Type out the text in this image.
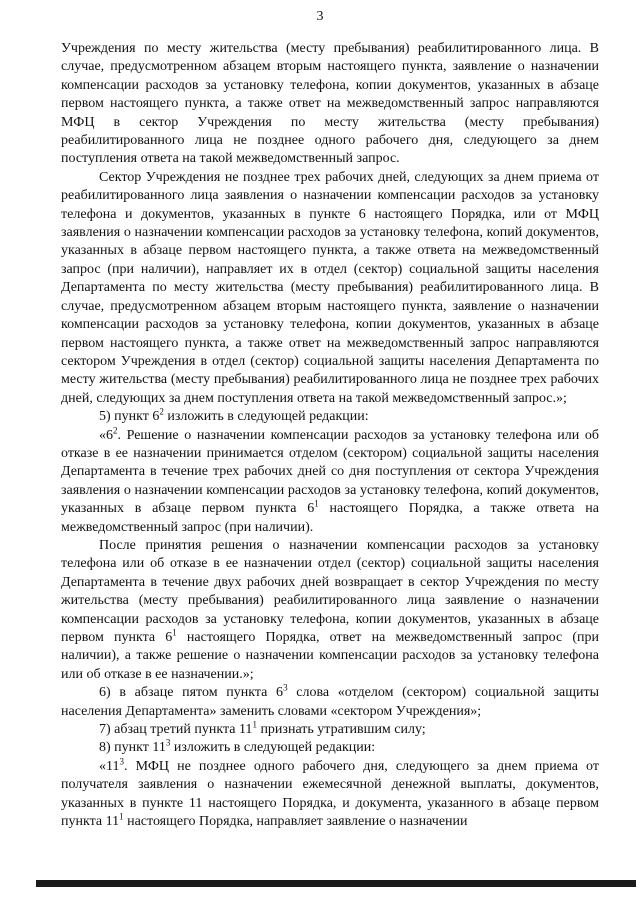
3

Учреждения по месту жительства (месту пребывания) реабилитированного лица. В случае, предусмотренном абзацем вторым настоящего пункта, заявление о назначении компенсации расходов за установку телефона, копии документов, указанных в абзаце первом настоящего пункта, а также ответ на межведомственный запрос направляются МФЦ в сектор Учреждения по месту жительства (месту пребывания) реабилитированного лица не позднее одного рабочего дня, следующего за днем поступления ответа на такой межведомственный запрос.

Сектор Учреждения не позднее трех рабочих дней, следующих за днем приема от реабилитированного лица заявления о назначении компенсации расходов за установку телефона и документов, указанных в пункте 6 настоящего Порядка, или от МФЦ заявления о назначении компенсации расходов за установку телефона, копий документов, указанных в абзаце первом настоящего пункта, а также ответа на межведомственный запрос (при наличии), направляет их в отдел (сектор) социальной защиты населения Департамента по месту жительства (месту пребывания) реабилитированного лица. В случае, предусмотренном абзацем вторым настоящего пункта, заявление о назначении компенсации расходов за установку телефона, копии документов, указанных в абзаце первом настоящего пункта, а также ответ на межведомственный запрос направляются сектором Учреждения в отдел (сектор) социальной защиты населения Департамента по месту жительства (месту пребывания) реабилитированного лица не позднее трех рабочих дней, следующих за днем поступления ответа на такой межведомственный запрос.»;

5) пункт $6^2$ изложить в следующей редакции:

«$6^2$. Решение о назначении компенсации расходов за установку телефона или об отказе в ее назначении принимается отделом (сектором) социальной защиты населения Департамента в течение трех рабочих дней со дня поступления от сектора Учреждения заявления о назначении компенсации расходов за установку телефона, копий документов, указанных в абзаце первом пункта $6^1$ настоящего Порядка, а также ответа на межведомственный запрос (при наличии).

После принятия решения о назначении компенсации расходов за установку телефона или об отказе в ее назначении отдел (сектор) социальной защиты населения Департамента в течение двух рабочих дней возвращает в сектор Учреждения по месту жительства (месту пребывания) реабилитированного лица заявление о назначении компенсации расходов за установку телефона, копии документов, указанных в абзаце первом пункта $6^1$ настоящего Порядка, ответ на межведомственный запрос (при наличии), а также решение о назначении компенсации расходов за установку телефона или об отказе в ее назначении.»;

6) в абзаце пятом пункта $6^3$ слова «отделом (сектором) социальной защиты населения Департамента» заменить словами «сектором Учреждения»;

7) абзац третий пункта $11^1$ признать утратившим силу;

8) пункт $11^3$ изложить в следующей редакции:

«$11^3$. МФЦ не позднее одного рабочего дня, следующего за днем приема от получателя заявления о назначении ежемесячной денежной выплаты, документов, указанных в пункте 11 настоящего Порядка, и документа, указанного в абзаце первом пункта $11^1$ настоящего Порядка, направляет заявление о назначении
